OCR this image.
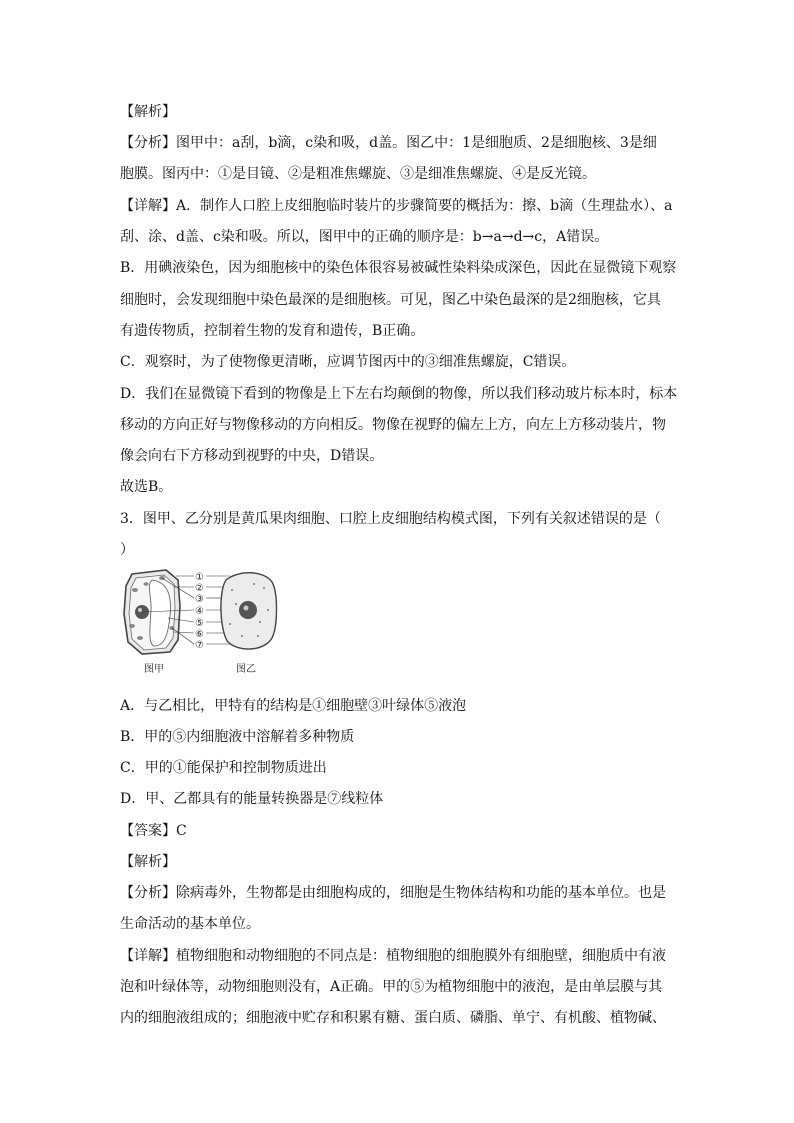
【解析】
【分析】图甲中：a刮，b滴，c染和吸，d盖。图乙中：1是细胞质、2是细胞核、3是细
胞膜。图丙中：①是目镜、②是粗准焦螺旋、③是细准焦螺旋、④是反光镜。
【详解】A．制作人口腔上皮细胞临时装片的步骤简要的概括为：擦、b滴（生理盐水）、a
刮、涂、d盖、c染和吸。所以，图甲中的正确的顺序是：b→a→d→c，A错误。
B．用碘液染色，因为细胞核中的染色体很容易被碱性染料染成深色，因此在显微镜下观察
细胞时，会发现细胞中染色最深的是细胞核。可见，图乙中染色最深的是2细胞核，它具
有遗传物质，控制着生物的发育和遗传，B正确。
C．观察时，为了使物像更清晰，应调节图丙中的③细准焦螺旋，C错误。
D．我们在显微镜下看到的物像是上下左右均颠倒的物像，所以我们移动玻片标本时，标本
移动的方向正好与物像移动的方向相反。物像在视野的偏左上方，向左上方移动装片，物
像会向右下方移动到视野的中央，D错误。
故选B。
3．图甲、乙分别是黄瓜果肉细胞、口腔上皮细胞结构模式图，下列有关叙述错误的是（
）
①
②
③
④
⑤
⑥
⑦
图甲	图乙
A．与乙相比，甲特有的结构是①细胞壁③叶绿体⑤液泡
B．甲的⑤内细胞液中溶解着多种物质
C．甲的①能保护和控制物质进出
D．甲、乙都具有的能量转换器是⑦线粒体
【答案】C
【解析】
【分析】除病毒外，生物都是由细胞构成的，细胞是生物体结构和功能的基本单位。也是
生命活动的基本单位。
【详解】植物细胞和动物细胞的不同点是：植物细胞的细胞膜外有细胞壁，细胞质中有液
泡和叶绿体等，动物细胞则没有，A正确。甲的⑤为植物细胞中的液泡，是由单层膜与其
内的细胞液组成的；细胞液中贮存和积累有糖、蛋白质、磷脂、单宁、有机酸、植物碱、
